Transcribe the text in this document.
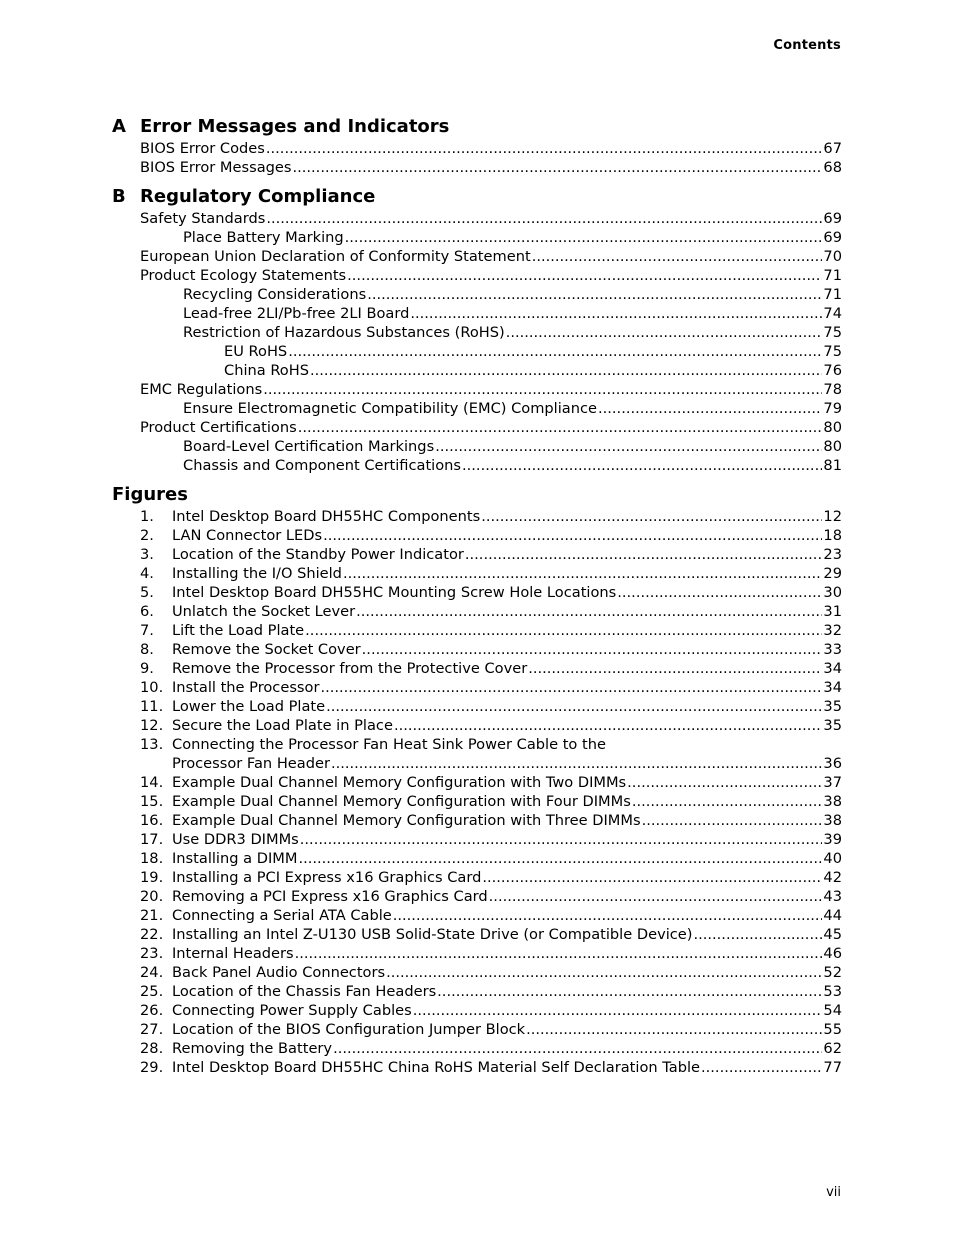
Contents
A Error Messages and Indicators
BIOS Error Codes .....	67
BIOS Error Messages .....	68
B Regulatory Compliance
Safety Standards .....	69
Place Battery Marking .....	69
European Union Declaration of Conformity Statement .....	70
Product Ecology Statements .....	71
Recycling Considerations .....	71
Lead-free 2LI/Pb-free 2LI Board .....	74
Restriction of Hazardous Substances (RoHS) .....	75
EU RoHS .....	75
China RoHS .....	76
EMC Regulations .....	78
Ensure Electromagnetic Compatibility (EMC) Compliance .....	79
Product Certifications .....	80
Board-Level Certification Markings .....	80
Chassis and Component Certifications .....	81
Figures
1.	Intel Desktop Board DH55HC Components .....	12
2.	LAN Connector LEDs .....	18
3.	Location of the Standby Power Indicator .....	23
4.	Installing the I/O Shield .....	29
5.	Intel Desktop Board DH55HC Mounting Screw Hole Locations .....	30
6.	Unlatch the Socket Lever .....	31
7.	Lift the Load Plate .....	32
8.	Remove the Socket Cover .....	33
9.	Remove the Processor from the Protective Cover .....	34
10. Install the Processor .....	34
11. Lower the Load Plate .....	35
12. Secure the Load Plate in Place .....	35
13. Connecting the Processor Fan Heat Sink Power Cable to the
Processor Fan Header .....	36
14. Example Dual Channel Memory Configuration with Two DIMMs .....	37
15. Example Dual Channel Memory Configuration with Four DIMMs .....	38
16. Example Dual Channel Memory Configuration with Three DIMMs .....	38
17. Use DDR3 DIMMs .....	39
18. Installing a DIMM .....	40
19. Installing a PCI Express x16 Graphics Card .....	42
20. Removing a PCI Express x16 Graphics Card .....	43
21. Connecting a Serial ATA Cable .....	44
22. Installing an Intel Z-U130 USB Solid-State Drive (or Compatible Device) .....	45
23. Internal Headers .....	46
24. Back Panel Audio Connectors .....	52
25. Location of the Chassis Fan Headers .....	53
26. Connecting Power Supply Cables .....	54
27. Location of the BIOS Configuration Jumper Block .....	55
28. Removing the Battery .....	62
29. Intel Desktop Board DH55HC China RoHS Material Self Declaration Table .....	77
vii
